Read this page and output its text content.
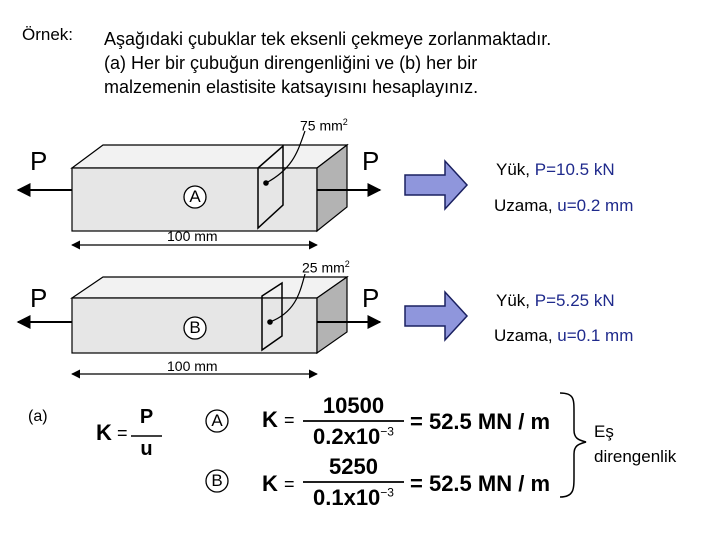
Örnek: Aşağıdaki çubuklar tek eksenli çekmeye zorlanmaktadır.
(a) Her bir çubuğun direngenliğini ve (b) her bir
malzemenin elastisite katsayısını hesaplayınız.
75 $mm^2$
P	P
A
100 mm
Yük, P=10.5 kN
Uzama, u=0.2 mm
25 $mm^2$
P	P
B
100 mm
Yük, P=5.25 kN
Uzama, u=0.1 mm
(a)
K =
P
u
A K =
10500
$0.2x10^{-3} = 52.5$ MN / m
B K =
5250
$0.1x10^{-3} = 52.5$ MN / m
Eş
direngenlik
